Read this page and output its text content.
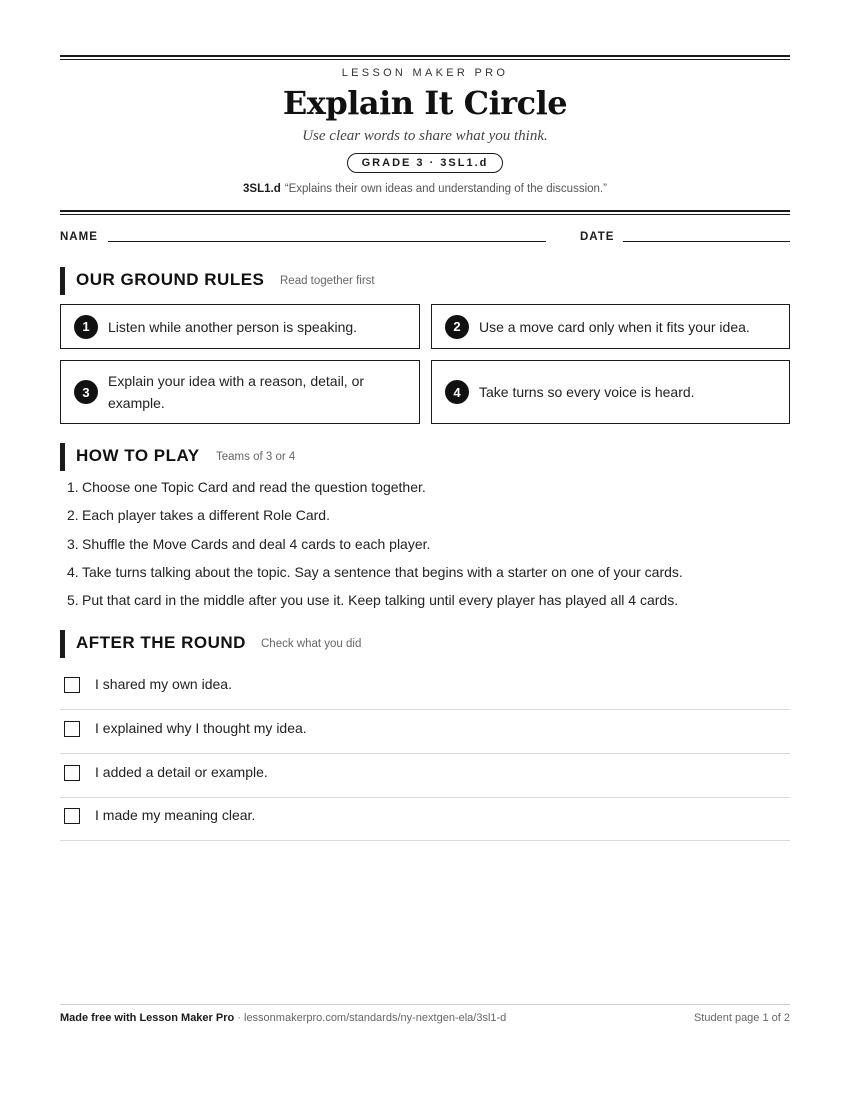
LESSON MAKER PRO
Explain It Circle
Use clear words to share what you think.
GRADE 3 · 3SL1.d
3SL1.d “Explains their own ideas and understanding of the discussion.”
NAME	DATE
OUR GROUND RULES Read together first
1	Listen while another person is speaking.	2	Use a move card only when it fits your idea.
3
Explain your idea with a reason, detail, or example.
4	Take turns so every voice is heard.
HOW TO PLAY Teams of 3 or 4
1. Choose one Topic Card and read the question together.
2. Each player takes a different Role Card.
3. Shuffle the Move Cards and deal 4 cards to each player.
4. Take turns talking about the topic. Say a sentence that begins with a starter on one of your cards.
5. Put that card in the middle after you use it. Keep talking until every player has played all 4 cards.
AFTER THE ROUND Check what you did
I shared my own idea.
I explained why I thought my idea.
I added a detail or example.
I made my meaning clear.
Made free with Lesson Maker Pro · lessonmakerpro.com/standards/ny-nextgen-ela/3sl1-d	Student page 1 of 2
